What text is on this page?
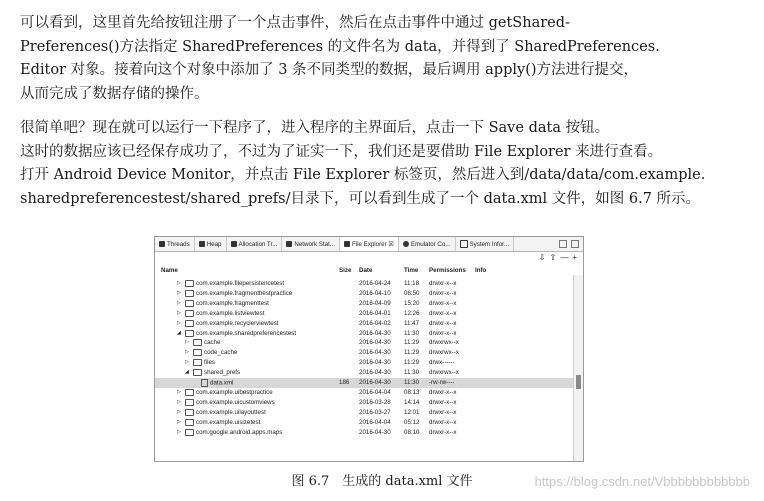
可以看到，这里首先给按钮注册了一个点击事件，然后在点击事件中通过 getShared-
Preferences()方法指定 SharedPreferences 的文件名为 data，并得到了 SharedPreferences.
Editor 对象。接着向这个对象中添加了 3 条不同类型的数据，最后调用 apply()方法进行提交，
从而完成了数据存储的操作。
很简单吧？现在就可以运行一下程序了，进入程序的主界面后，点击一下 Save data 按钮。
这时的数据应该已经保存成功了，不过为了证实一下，我们还是要借助 File Explorer 来进行查看。
打开 Android Device Monitor，并点击 File Explorer 标签页，然后进入到/data/data/com.example.
sharedpreferencestest/shared_prefs/目录下，可以看到生成了一个 data.xml 文件，如图 6.7 所示。
Threads	Heap	Allocation Tr...	Network Stat...	File Explorer ☒	Emulator Co...	System Infor...
⇩ ⇧ — +
Name	Size Date	Time Permissions Info
▷	com.example.filepersistencetest	2016-04-24 11:18 drwxr-x--x
▷	com.example.fragmentbestpractice	2016-04-10 08:50 drwxr-x--x
▷	com.example.fragmenttest	2016-04-09 15:20 drwxr-x--x
▷	com.example.listviewtest	2016-04-01 12:26 drwxr-x--x
▷	com.example.recyclerviewtest	2016-04-02 11:47 drwxr-x--x
◢	com.example.sharedpreferencestest	2016-04-30 11:30 drwxr-x--x
▷	cache	2016-04-30 11:29 drwxrwx--x
▷	code_cache	2016-04-30 11:29 drwxrwx--x
▷	files	2016-04-30 11:29 drwx------
◢	shared_prefs	2016-04-30 11:30 drwxrwx--x
data.xml	186 2016-04-30 11:30 -rw-rw----
▷	com.example.uibestpractice	2016-04-04 08:13 drwxr-x--x
▷	com.example.uicustomviews	2016-03-28 14:14 drwxr-x--x
▷	com.example.uilayouttest	2016-03-27 12:01 drwxr-x--x
▷	com.example.uisizetest	2016-04-04 05:12 drwxr-x--x
▷	com.google.android.apps.maps	2016-04-30 08:10 drwxr-x--x
图 6.7　生成的 data.xml 文件	https://blog.csdn.net/Vbbbbbbbbbbbb
